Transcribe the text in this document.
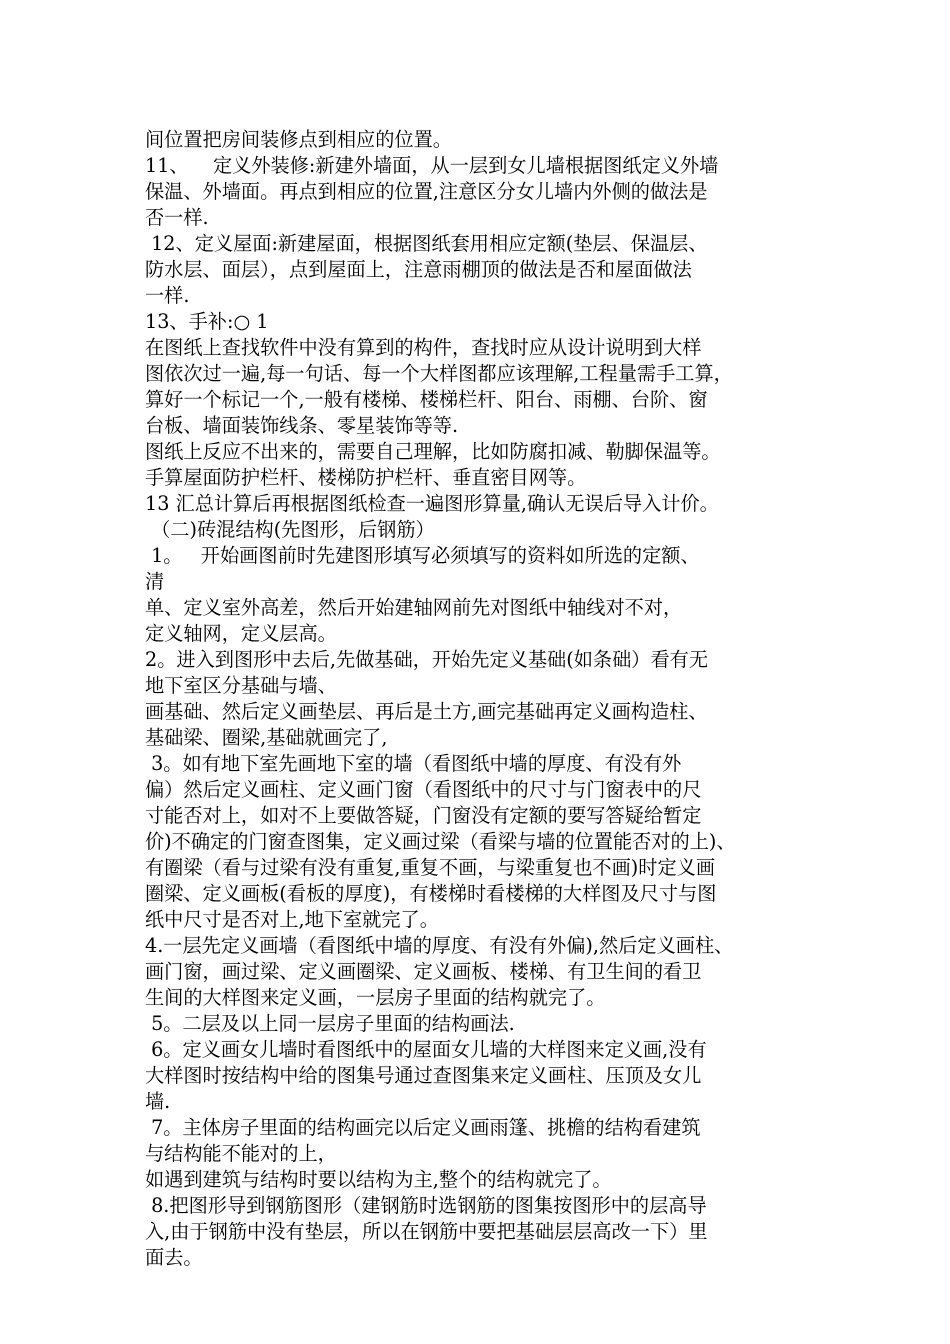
间位置把房间装修点到相应的位置。
11、    定义外装修:新建外墙面，从一层到女儿墙根据图纸定义外墙
保温、外墙面。再点到相应的位置,注意区分女儿墙内外侧的做法是
否一样.
12、定义屋面:新建屋面，根据图纸套用相应定额(垫层、保温层、
防水层、面层），点到屋面上，注意雨棚顶的做法是否和屋面做法
一样.
13、手补:○ 1
在图纸上查找软件中没有算到的构件，查找时应从设计说明到大样
图依次过一遍,每一句话、每一个大样图都应该理解,工程量需手工算，
算好一个标记一个,一般有楼梯、楼梯栏杆、阳台、雨棚、台阶、窗
台板、墙面装饰线条、零星装饰等等.
图纸上反应不出来的，需要自己理解，比如防腐扣减、勒脚保温等。
手算屋面防护栏杆、楼梯防护栏杆、垂直密目网等。
13 汇总计算后再根据图纸检查一遍图形算量,确认无误后导入计价。
（二)砖混结构(先图形，后钢筋）
1。   开始画图前时先建图形填写必须填写的资料如所选的定额、
清
单、定义室外高差，然后开始建轴网前先对图纸中轴线对不对，
定义轴网，定义层高。
2。进入到图形中去后,先做基础，开始先定义基础(如条础）看有无
地下室区分基础与墙、
画基础、然后定义画垫层、再后是土方,画完基础再定义画构造柱、
基础梁、圈梁,基础就画完了,
3。如有地下室先画地下室的墙（看图纸中墙的厚度、有没有外
偏）然后定义画柱、定义画门窗（看图纸中的尺寸与门窗表中的尺
寸能否对上，如对不上要做答疑，门窗没有定额的要写答疑给暂定
价)不确定的门窗查图集，定义画过梁（看梁与墙的位置能否对的上)、
有圈梁（看与过梁有没有重复,重复不画，与梁重复也不画)时定义画
圈梁、定义画板(看板的厚度)，有楼梯时看楼梯的大样图及尺寸与图
纸中尺寸是否对上,地下室就完了。
4.一层先定义画墙（看图纸中墙的厚度、有没有外偏),然后定义画柱、
画门窗，画过梁、定义画圈梁、定义画板、楼梯、有卫生间的看卫
生间的大样图来定义画，一层房子里面的结构就完了。
5。二层及以上同一层房子里面的结构画法.
6。定义画女儿墙时看图纸中的屋面女儿墙的大样图来定义画,没有
大样图时按结构中给的图集号通过查图集来定义画柱、压顶及女儿
墙.
7。主体房子里面的结构画完以后定义画雨篷、挑檐的结构看建筑
与结构能不能对的上，
如遇到建筑与结构时要以结构为主,整个的结构就完了。
8.把图形导到钢筋图形（建钢筋时选钢筋的图集按图形中的层高导
入,由于钢筋中没有垫层，所以在钢筋中要把基础层层高改一下）里
面去。
